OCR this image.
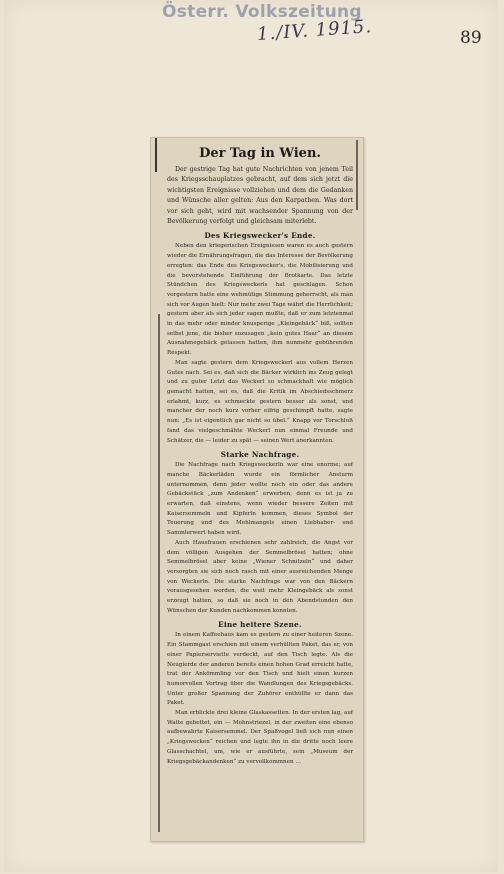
Österr. Volkszeitung
1./IV. 1915.	89
Der Tag in Wien.

Der gestrige Tag hat gute Nachrichten von jenem Teil des Kriegsschauplatzes gebracht, auf dem sich jetzt die wichtigsten Ereignisse vollziehen und dem die Gedanken und Wünsche aller gelten: Aus den Karpathen. Was dort vor sich geht, wird mit wachsender Spannung von der Bevölkerung verfolgt und gleichsam miterlebt.

Des Kriegswecker's Ende.

Neben den kriegerischen Ereignissen waren es auch gestern wieder die Ernährungsfragen, die das Interesse der Bevölkerung erregten: das Ende des Kriegswecker's, die Mobilisierung und die bevorstehende Einführung der Brotkarte. Das letzte Stündchen des Kriegsweckerls hat geschlagen. Schon vorgestern hatte eine wehmütige Stimmung geherrscht, als man sich vor Augen hielt: Nur mehr zwei Tage währt die Herrlichkeit; gestern aber als sich jeder sagen mußte, daß er zum letztenmal in das mehr oder minder knusperige „Kleingebäck“ biß, sollten selbst jene, die bisher sozusagen „kein gutes Haar“ an diesem Ausnahmegebäck gelassen hatten, ihm nunmehr gebührenden Respekt.

Man sagte gestern dem Kriegsweckerl aus vollem Herzen Gutes nach. Sei es, daß sich die Bäcker wirklich ins Zeug gelegt und zu guter Letzt das Weckerl so schmackhaft wie möglich gemacht hatten, sei es, daß die Kritik im Abschiedsschmerz erlahmt, kurz, es schmeckte gestern besser als sonst, und mancher der noch kurz vorher eifrig geschimpft hatte, sagte nun: „Es ist eigentlich gar nicht so übel.“ Knapp vor Torschluß fand das vielgeschmähte Weckerl nun einmal Freunde und Schätzer, die — leider zu spät — seinen Wert anerkannten.

Starke Nachfrage.

Die Nachfrage nach Kriegsweckerln war eine enorme; auf manche Bäckerläden wurde ein förmlicher Ansturm unternommen, denn jeder wollte noch ein oder das andere Gebäckstück „zum Andenken“ erwerben, denn es ist ja zu erwarten, daß einstens, wenn wieder bessere Zeiten mit Kaisersemmeln und Kipferln kommen, dieses Symbol der Teuerung und des Mehlmangels einen Liebhaber- und Sammlerwert haben wird.

Auch Hausfrauen erschienen sehr zahlreich, die Angst vor dem völligen Ausgehen der Semmelbrösel hatten; ohne Semmelbrösel aber keine „Wiener Schnitzeln“ und daher versorgten sie sich noch rasch mit einer ausreichenden Menge von Weckerln. Die starke Nachfrage war von den Bäckern vorausgesehen worden, die weit mehr Kleingebäck als sonst erzeugt hatten, so daß sie noch in den Abendstunden den Wünschen der Kunden nachkommen konnten.

Eine heitere Szene.

In einem Kaffeehaus kam es gestern zu einer heiteren Szene. Ein Stammgast erschien mit einem verhüllten Paket, das er, von einer Papierserviette verdeckt, auf den Tisch legte. Als die Neugierde der anderen bereits einen hohen Grad erreicht hatte, trat der Ankömmling vor den Tisch und hielt einen kurzen humorvollen Vortrag über die Wandlungen des Kriegsgebäcks. Unter großer Spannung der Zuhörer enthüllte er dann das Paket.

Man erblickte drei kleine Glaskassetten. In der ersten lag, auf Watte gebettet, ein — Mohnstriezel, in der zweiten eine ebenso aufbewahrte Kaisersemmel. Der Spaßvogel ließ sich nun einen „Kriegswecken“ reichen und legte ihn in die dritte noch leere Glasschachtel, um, wie er ausführte, sein „Museum der Kriegsgebäckandenken“ zu vervollkommnen …
